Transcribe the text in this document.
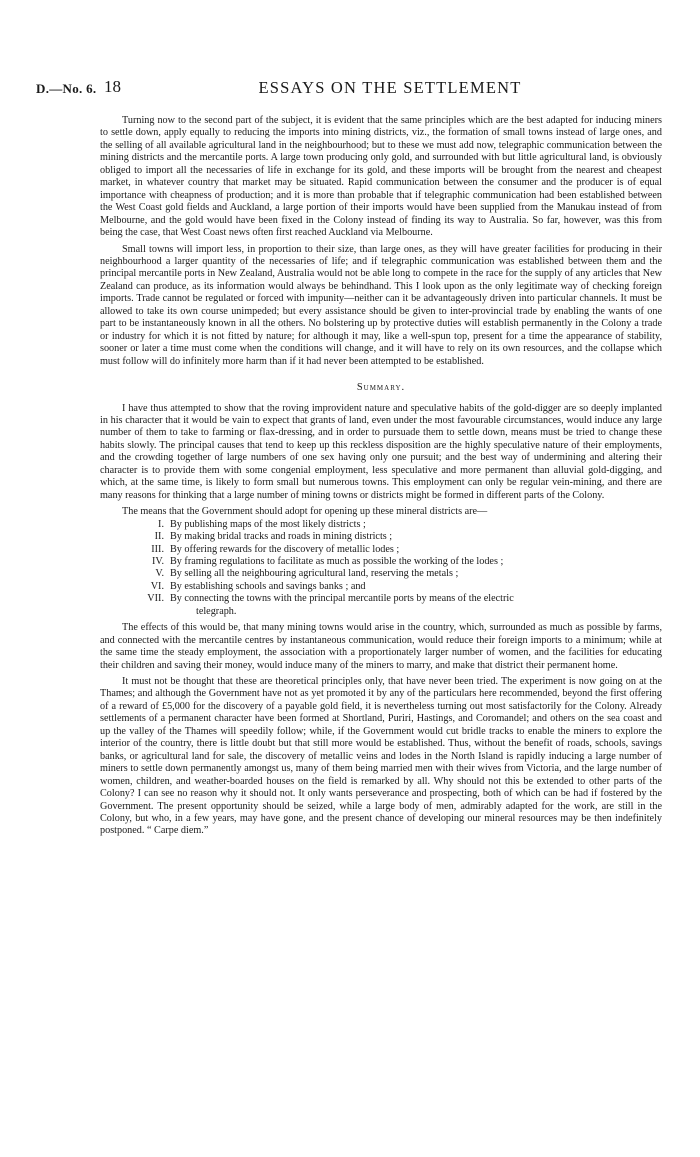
D.—No. 6. 18	ESSAYS ON THE SETTLEMENT

Turning now to the second part of the subject, it is evident that the same principles which are the best adapted for inducing miners to settle down, apply equally to reducing the imports into mining districts, viz., the formation of small towns instead of large ones, and the selling of all available agricultural land in the neighbourhood; but to these we must add now, telegraphic communication between the mining districts and the mercantile ports. A large town producing only gold, and surrounded with but little agricultural land, is obviously obliged to import all the necessaries of life in exchange for its gold, and these imports will be brought from the nearest and cheapest market, in whatever country that market may be situated. Rapid communication between the consumer and the producer is of equal importance with cheapness of production; and it is more than probable that if telegraphic communication had been established between the West Coast gold fields and Auckland, a large portion of their imports would have been supplied from the Manukau instead of from Melbourne, and the gold would have been fixed in the Colony instead of finding its way to Australia. So far, however, was this from being the case, that West Coast news often first reached Auckland via Melbourne.

Small towns will import less, in proportion to their size, than large ones, as they will have greater facilities for producing in their neighbourhood a larger quantity of the necessaries of life; and if telegraphic communication was established between them and the principal mercantile ports in New Zealand, Australia would not be able long to compete in the race for the supply of any articles that New Zealand can produce, as its information would always be behindhand. This I look upon as the only legitimate way of checking foreign imports. Trade cannot be regulated or forced with impunity—neither can it be advantageously driven into particular channels. It must be allowed to take its own course unimpeded; but every assistance should be given to inter-provincial trade by enabling the wants of one part to be instantaneously known in all the others. No bolstering up by protective duties will establish permanently in the Colony a trade or industry for which it is not fitted by nature; for although it may, like a well-spun top, present for a time the appearance of stability, sooner or later a time must come when the conditions will change, and it will have to rely on its own resources, and the collapse which must follow will do infinitely more harm than if it had never been attempted to be established.

Summary.

I have thus attempted to show that the roving improvident nature and speculative habits of the gold-digger are so deeply implanted in his character that it would be vain to expect that grants of land, even under the most favourable circumstances, would induce any large number of them to take to farming or flax-dressing, and in order to pursuade them to settle down, means must be tried to change these habits slowly. The principal causes that tend to keep up this reckless disposition are the highly speculative nature of their employments, and the crowding together of large numbers of one sex having only one pursuit; and the best way of undermining and altering their character is to provide them with some congenial employment, less speculative and more permanent than alluvial gold-digging, and which, at the same time, is likely to form small but numerous towns. This employment can only be regular vein-mining, and there are many reasons for thinking that a large number of mining towns or districts might be formed in different parts of the Colony.

The means that the Government should adopt for opening up these mineral districts are—

I. By publishing maps of the most likely districts ;
II. By making bridal tracks and roads in mining districts ;
III. By offering rewards for the discovery of metallic lodes ;
IV. By framing regulations to facilitate as much as possible the working of the lodes ;
V. By selling all the neighbouring agricultural land, reserving the metals ;
VI. By establishing schools and savings banks ; and
VII. By connecting the towns with the principal mercantile ports by means of the electric
telegraph.

The effects of this would be, that many mining towns would arise in the country, which, surrounded as much as possible by farms, and connected with the mercantile centres by instantaneous communication, would reduce their foreign imports to a minimum; while at the same time the steady employment, the association with a proportionately larger number of women, and the facilities for educating their children and saving their money, would induce many of the miners to marry, and make that district their permanent home.

It must not be thought that these are theoretical principles only, that have never been tried. The experiment is now going on at the Thames; and although the Government have not as yet promoted it by any of the particulars here recommended, beyond the first offering of a reward of £5,000 for the discovery of a payable gold field, it is nevertheless turning out most satisfactorily for the Colony. Already settlements of a permanent character have been formed at Shortland, Puriri, Hastings, and Coromandel; and others on the sea coast and up the valley of the Thames will speedily follow; while, if the Government would cut bridle tracks to enable the miners to explore the interior of the country, there is little doubt but that still more would be established. Thus, without the benefit of roads, schools, savings banks, or agricultural land for sale, the discovery of metallic veins and lodes in the North Island is rapidly inducing a large number of miners to settle down permanently amongst us, many of them being married men with their wives from Victoria, and the large number of women, children, and weather-boarded houses on the field is remarked by all. Why should not this be extended to other parts of the Colony? I can see no reason why it should not. It only wants perseverance and prospecting, both of which can be had if fostered by the Government. The present opportunity should be seized, while a large body of men, admirably adapted for the work, are still in the Colony, but who, in a few years, may have gone, and the present chance of developing our mineral resources may be then indefinitely postponed. “ Carpe diem.”
